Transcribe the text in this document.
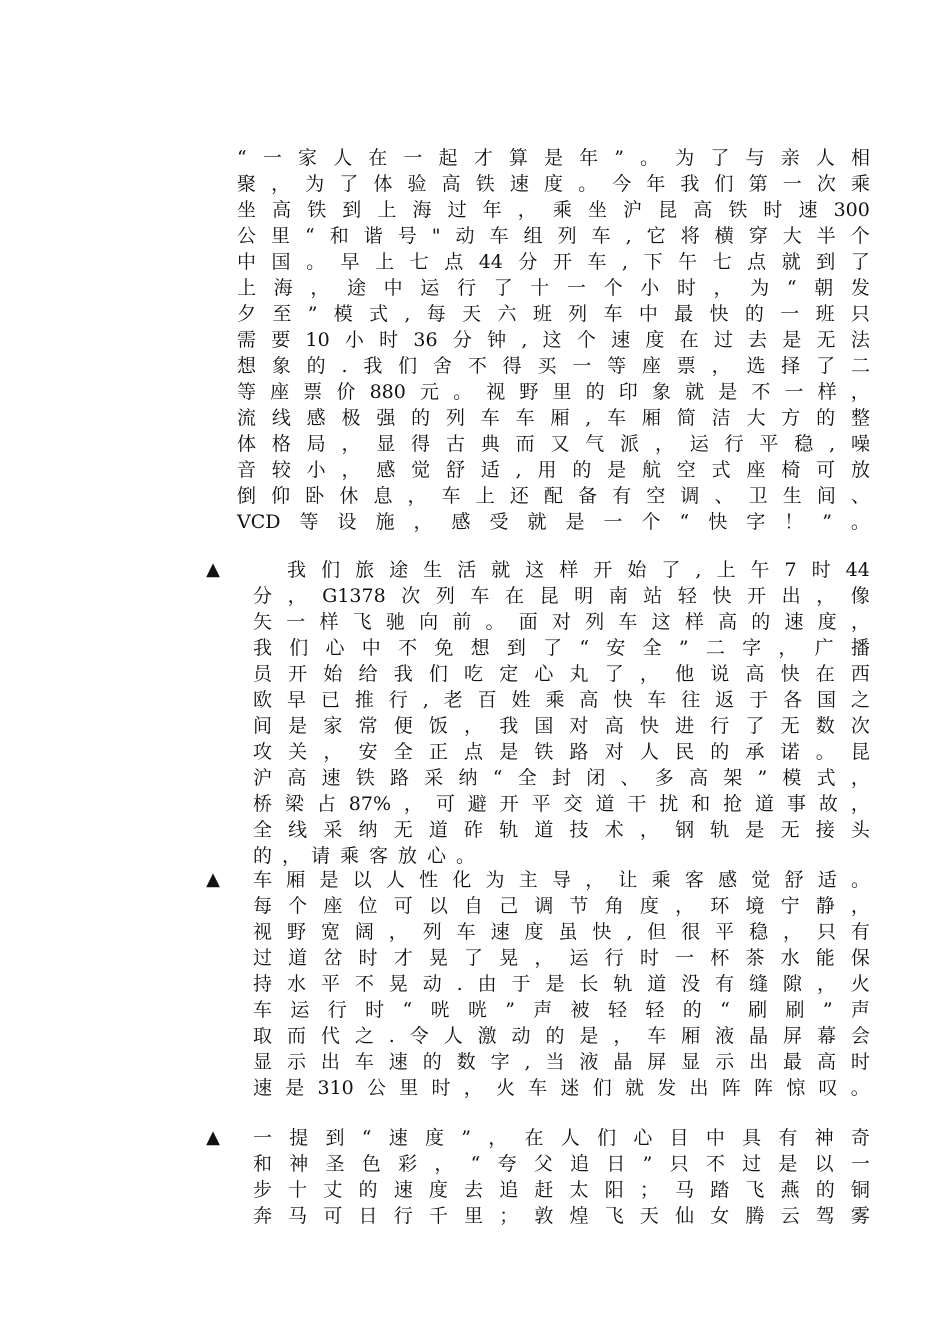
“ 一 家 人 在 一 起 才 算 是 年 ” 。 为 了 与 亲 人 相
聚 ， 为 了 体 验 高 铁 速 度 。 今 年 我 们 第 一 次 乘
坐 高 铁 到 上 海 过 年 ， 乘 坐 沪 昆 高 铁 时 速 300
公 里 “ 和 谐 号 " 动 车 组 列 车 , 它 将 横 穿 大 半 个
中 国 。 早 上 七 点 44 分 开 车 , 下 午 七 点 就 到 了
上 海 ， 途 中 运 行 了 十 一 个 小 时 ， 为 “ 朝 发
夕 至 ” 模 式 , 每 天 六 班 列 车 中 最 快 的 一 班 只
需 要 10 小 时 36 分 钟 , 这 个 速 度 在 过 去 是 无 法
想 象 的 . 我 们 舍 不 得 买 一 等 座 票 ， 选 择 了 二
等 座 票 价 880 元 。 视 野 里 的 印 象 就 是 不 一 样 ，
流 线 感 极 强 的 列 车 车 厢 , 车 厢 简 洁 大 方 的 整
体 格 局 ， 显 得 古 典 而 又 气 派 ， 运 行 平 稳 , 噪
音 较 小 ， 感 觉 舒 适 , 用 的 是 航 空 式 座 椅 可 放
倒 仰 卧 休 息 ， 车 上 还 配 备 有 空 调 、 卫 生 间 、
VCD 等 设 施 ， 感 受 就 是 一 个 “ 快 字 ！ ” 。
▲
　	我 们 旅 途 生 活 就 这 样 开 始 了 , 上 午 7 时 44
分 ， G1378 次 列 车 在 昆 明 南 站 轻 快 开 出 ， 像
矢 一 样 飞 驰 向 前 。 面 对 列 车 这 样 高 的 速 度 ，
我 们 心 中 不 免 想 到 了 “ 安 全 ” 二 字 ， 广 播
员 开 始 给 我 们 吃 定 心 丸 了 ， 他 说 高 快 在 西
欧 早 已 推 行 , 老 百 姓 乘 高 快 车 往 返 于 各 国 之
间 是 家 常 便 饭 ， 我 国 对 高 快 进 行 了 无 数 次
攻 关 ， 安 全 正 点 是 铁 路 对 人 民 的 承 诺 。 昆
沪 高 速 铁 路 采 纳 “ 全 封 闭 、 多 高 架 ” 模 式 ，
桥 梁 占 87% ， 可 避 开 平 交 道 干 扰 和 抢 道 事 故 ，
全 线 采 纳 无 道 砟 轨 道 技 术 ， 钢 轨 是 无 接 头
的，请乘客放心。
▲ 车 厢 是 以 人 性 化 为 主 导 ， 让 乘 客 感 觉 舒 适 。
每 个 座 位 可 以 自 己 调 节 角 度 ， 环 境 宁 静 ，
视 野 宽 阔 ， 列 车 速 度 虽 快 , 但 很 平 稳 ， 只 有
过 道 岔 时 才 晃 了 晃 ， 运 行 时 一 杯 茶 水 能 保
持 水 平 不 晃 动 . 由 于 是 长 轨 道 没 有 缝 隙 ， 火
车 运 行 时 “ 咣 咣 ” 声 被 轻 轻 的 “ 刷 刷 ” 声
取 而 代 之 . 令 人 激 动 的 是 ， 车 厢 液 晶 屏 幕 会
显 示 出 车 速 的 数 字 , 当 液 晶 屏 显 示 出 最 高 时
速 是 310 公 里 时 ， 火 车 迷 们 就 发 出 阵 阵 惊 叹 。
▲ 一 提 到 “ 速 度 ” ， 在 人 们 心 目 中 具 有 神 奇
和 神 圣 色 彩 ， “ 夸 父 追 日 ” 只 不 过 是 以 一
步 十 丈 的 速 度 去 追 赶 太 阳 ； 马 踏 飞 燕 的 铜
奔 马 可 日 行 千 里 ； 敦 煌 飞 天 仙 女 腾 云 驾 雾
